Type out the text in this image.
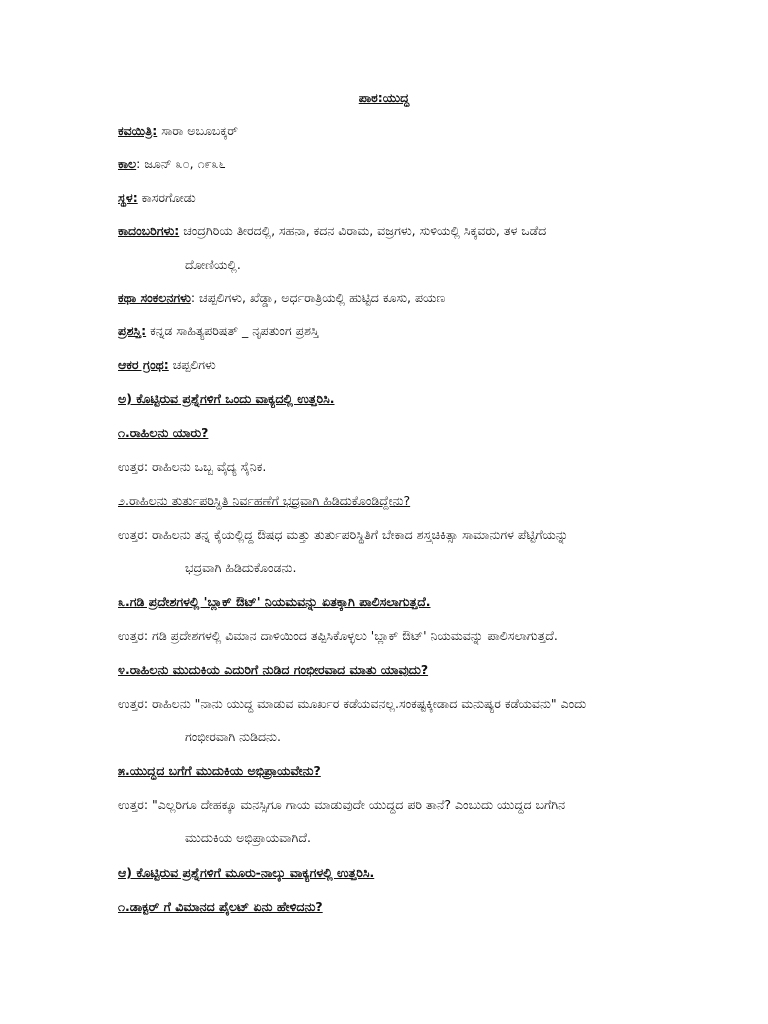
ಪಾಠ:ಯುದ್ಧ
ಕವಯಿತ್ರಿ: ಸಾರಾ ಅಬೂಬಕ್ಕರ್
ಕಾಲ: ಜೂನ್ ೩೦, ೧೯೩೬
ಸ್ಥಳ: ಕಾಸರಗೋಡು
ಕಾದಂಬರಿಗಳು: ಚಂದ್ರಗಿರಿಯ ತೀರದಲ್ಲಿ, ಸಹನಾ, ಕದನ ವಿರಾಮ, ವಜ್ರಗಳು, ಸುಳಿಯಲ್ಲಿ ಸಿಕ್ಕವರು, ತಳ ಒಡೆದ
ದೋಣಿಯಲ್ಲಿ.
ಕಥಾ ಸಂಕಲನಗಳು: ಚಪ್ಪಲಿಗಳು, ಖೆಡ್ಡಾ, ಅರ್ಧರಾತ್ರಿಯಲ್ಲಿ ಹುಟ್ಟಿದ ಕೂಸು, ಪಯಣ
ಪ್ರಶಸ್ತಿ: ಕನ್ನಡ ಸಾಹಿತ್ಯಪರಿಷತ್ _ ನೃಪತುಂಗ ಪ್ರಶಸ್ತಿ
ಆಕರ ಗ್ರಂಥ: ಚಪ್ಪಲಿಗಳು
ಅ) ಕೊಟ್ಟಿರುವ ಪ್ರಶ್ನೆಗಳಿಗೆ ಒಂದು ವಾಕ್ಯದಲ್ಲಿ ಉತ್ತರಿಸಿ.
೧.ರಾಹಿಲನು ಯಾರು?
ಉತ್ತರ: ರಾಹಿಲನು ಒಬ್ಬ ವೈದ್ಯ ಸೈನಿಕ.
೨.ರಾಹಿಲನು ತುರ್ತುಪರಿಸ್ಥಿತಿ ನಿರ್ವಹಣೆಗೆ ಭದ್ರವಾಗಿ ಹಿಡಿದುಕೊಂಡಿದ್ದೇನು?
ಉತ್ತರ: ರಾಹಿಲನು ತನ್ನ ಕೈಯಲ್ಲಿದ್ದ ಔಷಧ ಮತ್ತು ತುರ್ತುಪರಿಸ್ಥಿತಿಗೆ ಬೇಕಾದ ಶಸ್ತ್ರಚಿಕಿತ್ಸಾ ಸಾಮಾನುಗಳ ಪೆಟ್ಟಿಗೆಯನ್ನು
ಭದ್ರವಾಗಿ ಹಿಡಿದುಕೊಂಡನು.
೩.ಗಡಿ ಪ್ರದೇಶಗಳಲ್ಲಿ 'ಬ್ಲಾಕ್ ಔಟ್' ನಿಯಮವನ್ನು ಏತಕ್ಕಾಗಿ ಪಾಲಿಸಲಾಗುತ್ತದೆ.
ಉತ್ತರ: ಗಡಿ ಪ್ರದೇಶಗಳಲ್ಲಿ ವಿಮಾನ ದಾಳಿಯಿಂದ ತಪ್ಪಿಸಿಕೊಳ್ಳಲು 'ಬ್ಲಾಕ್ ಔಟ್' ನಿಯಮವನ್ನು ಪಾಲಿಸಲಾಗುತ್ತದೆ.
೪.ರಾಹಿಲನು ಮುದುಕಿಯ ಎದುರಿಗೆ ನುಡಿದ ಗಂಭೀರವಾದ ಮಾತು ಯಾವುದು?
ಉತ್ತರ: ರಾಹಿಲನು "ನಾನು ಯುದ್ಧ ಮಾಡುವ ಮೂರ್ಖರ ಕಡೆಯವನಲ್ಲ.ಸಂಕಷ್ಟಕ್ಕೀಡಾದ ಮನುಷ್ಯರ ಕಡೆಯವನು" ಎಂದು
ಗಂಭೀರವಾಗಿ ನುಡಿದನು.
೫.ಯುದ್ಧದ ಬಗೆಗೆ ಮುದುಕಿಯ ಅಭಿಪ್ರಾಯವೇನು?
ಉತ್ತರ: "ಎಲ್ಲರಿಗೂ ದೇಹಕ್ಕೂ ಮನಸ್ಸಿಗೂ ಗಾಯ ಮಾಡುವುದೇ ಯುದ್ಧದ ಪರಿ ತಾನೆ? ಎಂಬುದು ಯುದ್ಧದ ಬಗೆಗಿನ
ಮುದುಕಿಯ ಅಭಿಪ್ರಾಯವಾಗಿದೆ.
ಆ) ಕೊಟ್ಟಿರುವ ಪ್ರಶ್ನೆಗಳಿಗೆ ಮೂರು-ನಾಲ್ಕು ವಾಕ್ಯಗಳಲ್ಲಿ ಉತ್ತರಿಸಿ.
೧.ಡಾಕ್ಟರ್ ಗೆ ವಿಮಾನದ ಪೈಲಟ್ ಏನು ಹೇಳಿದನು?
